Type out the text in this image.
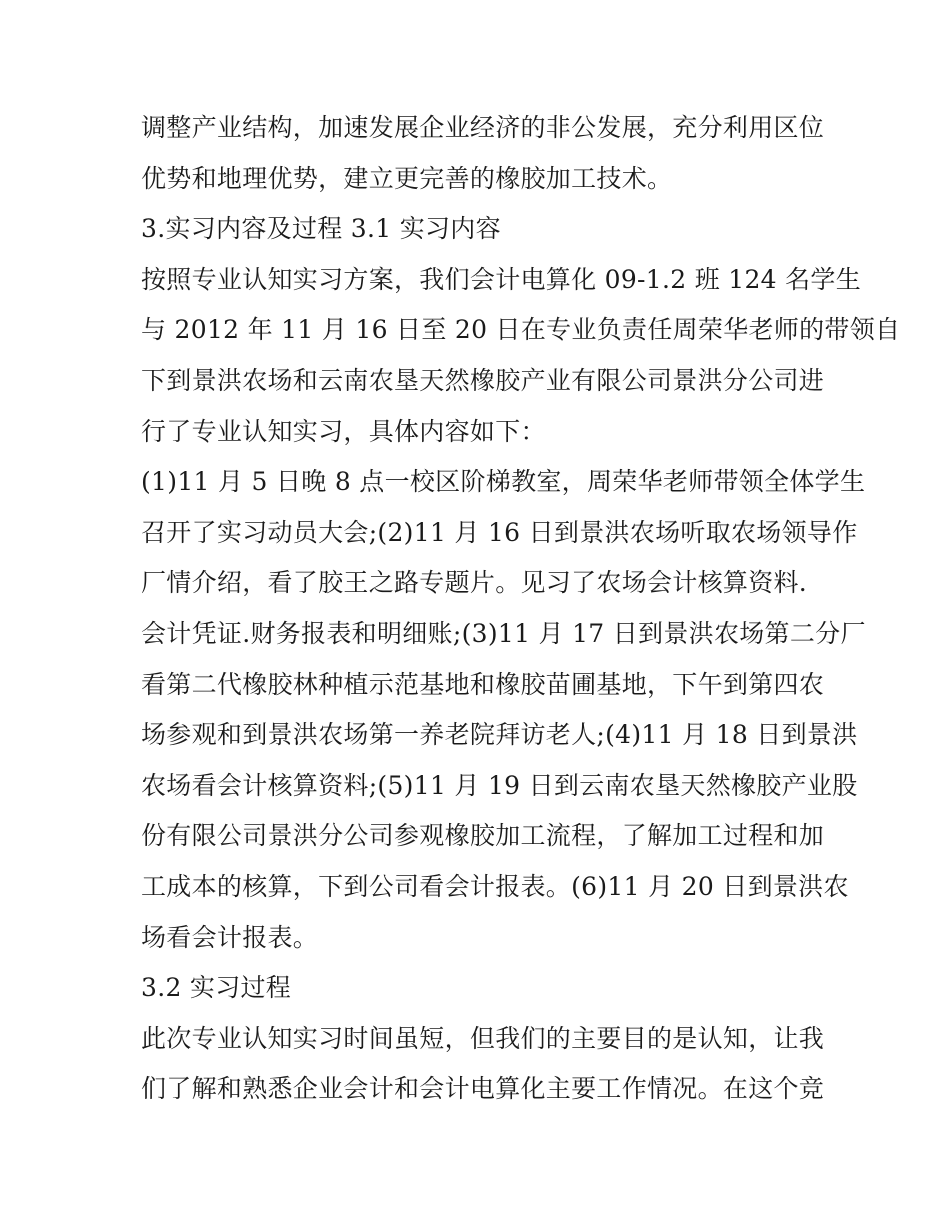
调整产业结构，加速发展企业经济的非公发展，充分利用区位
优势和地理优势，建立更完善的橡胶加工技术。
3.实习内容及过程 3.1 实习内容
按照专业认知实习方案，我们会计电算化 09-1.2 班 124 名学生
与 2012 年 11 月 16 日至 20 日在专业负责任周荣华老师的带领自
下到景洪农场和云南农垦天然橡胶产业有限公司景洪分公司进
行了专业认知实习，具体内容如下：
(1)11 月 5 日晚 8 点一校区阶梯教室，周荣华老师带领全体学生
召开了实习动员大会;(2)11 月 16 日到景洪农场听取农场领导作
厂情介绍，看了胶王之路专题片。见习了农场会计核算资料.
会计凭证.财务报表和明细账;(3)11 月 17 日到景洪农场第二分厂
看第二代橡胶林种植示范基地和橡胶苗圃基地，下午到第四农
场参观和到景洪农场第一养老院拜访老人;(4)11 月 18 日到景洪
农场看会计核算资料;(5)11 月 19 日到云南农垦天然橡胶产业股
份有限公司景洪分公司参观橡胶加工流程，了解加工过程和加
工成本的核算，下到公司看会计报表。(6)11 月 20 日到景洪农
场看会计报表。
3.2 实习过程
此次专业认知实习时间虽短，但我们的主要目的是认知，让我
们了解和熟悉企业会计和会计电算化主要工作情况。在这个竞
